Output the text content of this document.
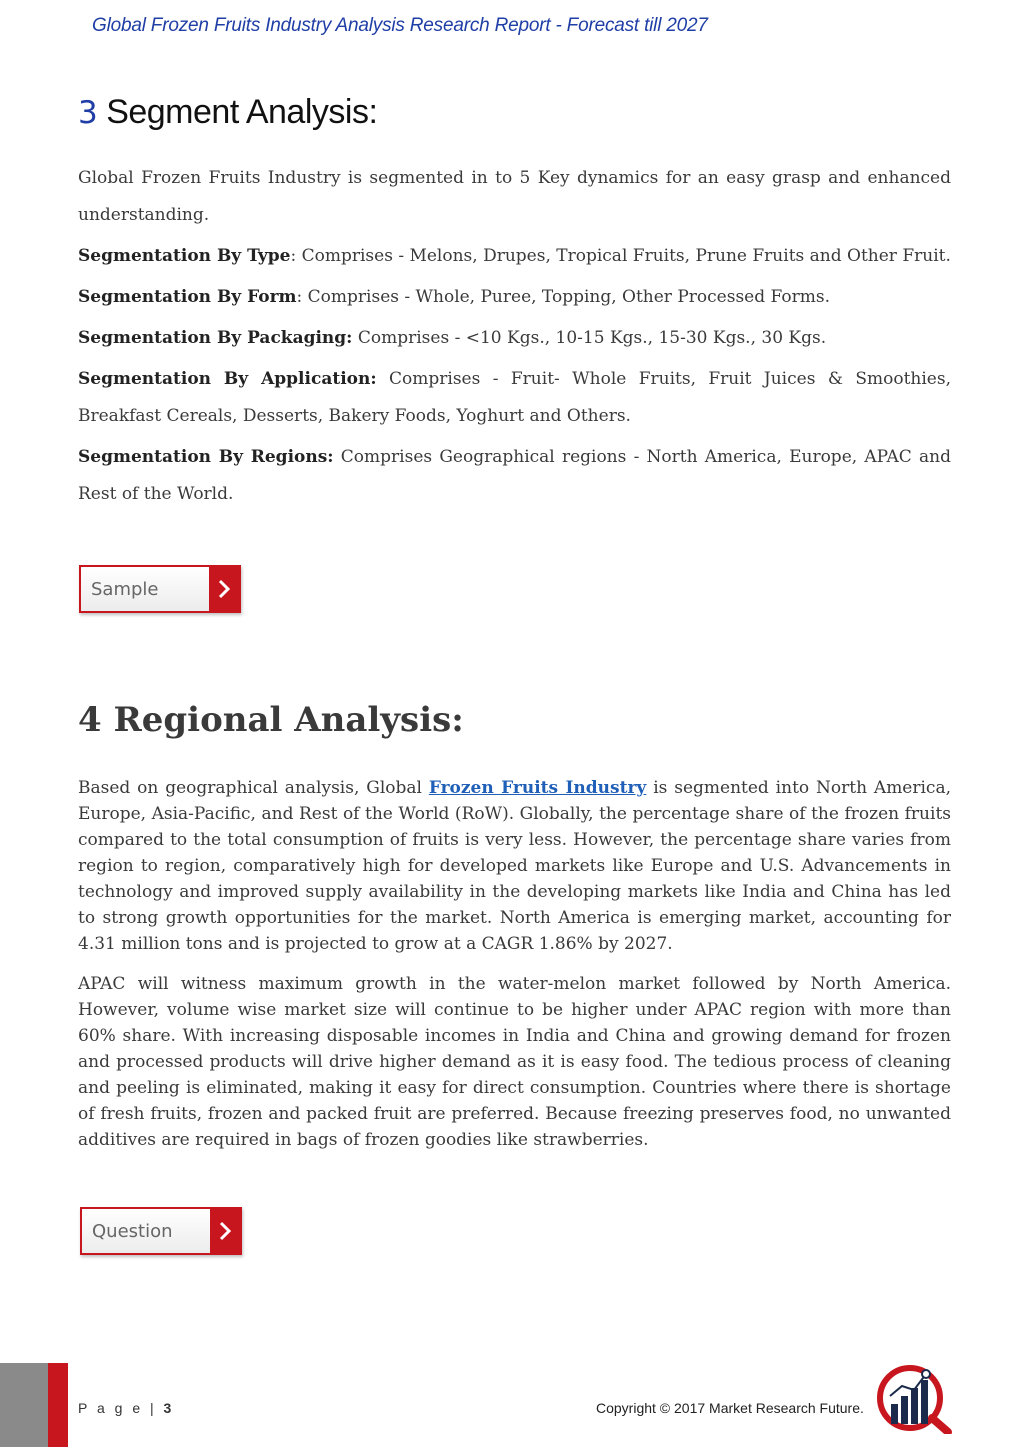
Global Frozen Fruits Industry Analysis Research Report - Forecast till 2027
3 Segment Analysis:

Global Frozen Fruits Industry is segmented in to 5 Key dynamics for an easy grasp and enhanced understanding.

Segmentation By Type: Comprises - Melons, Drupes, Tropical Fruits, Prune Fruits and Other Fruit.

Segmentation By Form: Comprises - Whole, Puree, Topping, Other Processed Forms.

Segmentation By Packaging: Comprises - <10 Kgs., 10-15 Kgs., 15-30 Kgs., 30 Kgs.

Segmentation By Application: Comprises - Fruit- Whole Fruits, Fruit Juices & Smoothies, Breakfast Cereals, Desserts, Bakery Foods, Yoghurt and Others.

Segmentation By Regions: Comprises Geographical regions - North America, Europe, APAC and Rest of the World.

Sample
4 Regional Analysis:

Based on geographical analysis, Global Frozen Fruits Industry is segmented into North America, Europe, Asia-Pacific, and Rest of the World (RoW). Globally, the percentage share of the frozen fruits compared to the total consumption of fruits is very less. However, the percentage share varies from region to region, comparatively high for developed markets like Europe and U.S. Advancements in technology and improved supply availability in the developing markets like India and China has led to strong growth opportunities for the market. North America is emerging market, accounting for 4.31 million tons and is projected to grow at a CAGR 1.86% by 2027.

APAC will witness maximum growth in the water-melon market followed by North America. However, volume wise market size will continue to be higher under APAC region with more than 60% share. With increasing disposable incomes in India and China and growing demand for frozen and processed products will drive higher demand as it is easy food. The tedious process of cleaning and peeling is eliminated, making it easy for direct consumption. Countries where there is shortage of fresh fruits, frozen and packed fruit are preferred. Because freezing preserves food, no unwanted additives are required in bags of frozen goodies like strawberries.

Question
P a g e | 3	Copyright © 2017 Market Research Future.
